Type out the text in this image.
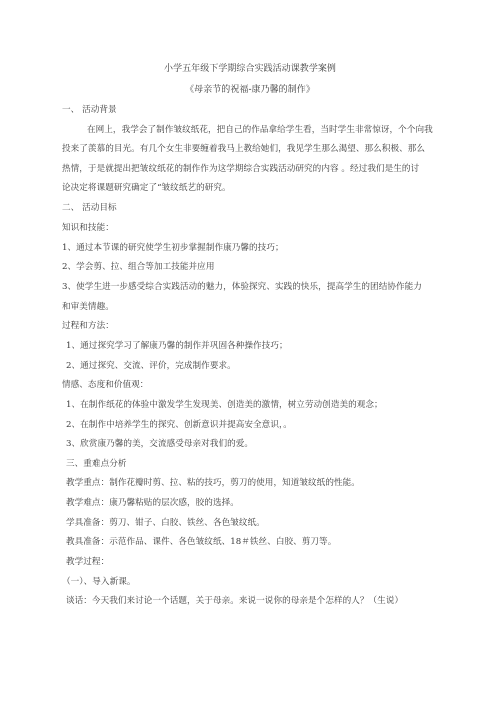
小学五年级下学期综合实践活动课教学案例
《母亲节的祝福-康乃馨的制作》
一、 活动背景
在网上，我学会了制作皱纹纸花，把自己的作品拿给学生看，当时学生非常惊讶，个个向我
投来了羡慕的目光。有几个女生非要缠着我马上教给她们，我见学生那么渴望、那么积极、那么
热情，于是就提出把皱纹纸花的制作作为这学期综合实践活动研究的内容 。经过我们是生的讨
论决定将课题研究确定了“皱纹纸艺的研究。
二、 活动目标
知识和技能：
1、通过本节课的研究使学生初步掌握制作康乃馨的技巧；
2、学会剪、拉、组合等加工技能并应用
3、使学生进一步感受综合实践活动的魅力，体验探究、实践的快乐，提高学生的团结协作能力
和审美情趣。
过程和方法：
1、通过探究学习了解康乃馨的制作并巩固各种操作技巧；
2、通过探究、交流、评价，完成制作要求。
情感、态度和价值观：
1、在制作纸花的体验中激发学生发现美、创造美的激情，树立劳动创造美的观念；
2、在制作中培养学生的探究、创新意识并提高安全意识，。
3、欣赏康乃馨的美，交流感受母亲对我们的爱。
三、重难点分析
教学重点：制作花瓣时剪、拉、粘的技巧，剪刀的使用，知道皱纹纸的性能。
教学难点：康乃馨粘贴的层次感，胶的选择。
学具准备：剪刀、钳子、白胶、铁丝、各色皱纹纸。
教具准备：示范作品、课件、各色皱纹纸、18＃铁丝、白胶、剪刀等。
教学过程：
（一）、导入新课。
谈话：今天我们来讨论一个话题，关于母亲。来说一说你的母亲是个怎样的人？（生说）
